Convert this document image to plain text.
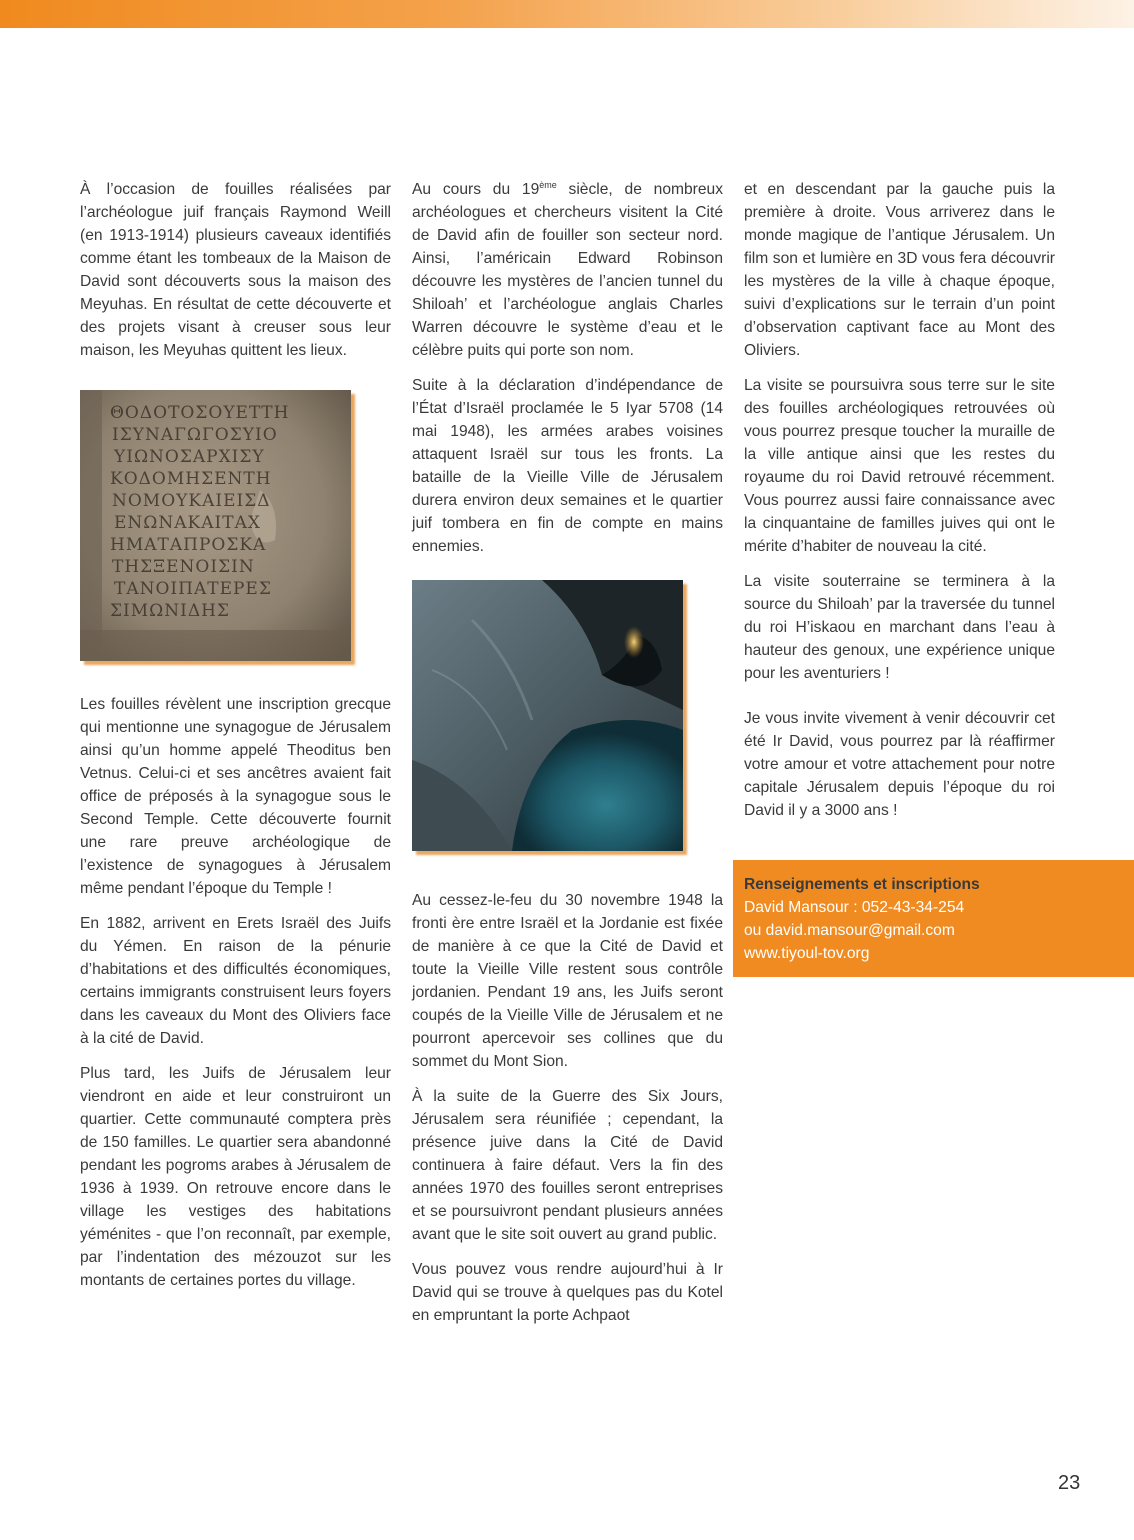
À l’occasion de fouilles réalisées par l’archéologue juif français Raymond Weill (en 1913-1914) plusieurs caveaux identifiés comme étant les tombeaux de la Maison de David sont découverts sous la maison des Meyuhas. En résultat de cette découverte et des projets visant à creuser sous leur maison, les Meyuhas quittent les lieux.

ΘΟΔΟΤΟΣΟΥΕΤΤΗ
ΙΣΥΝΑΓΩΓΟΣΥΙΟ
ΥΙΩΝΟΣΑΡΧΙΣΥ
ΚΟΔΟΜΗΣΕΝΤΗ
ΝΟΜΟΥΚΑΙΕΙΣΔ
ΕΝΩΝΑΚΑΙΤΑΧ
ΗΜΑΤΑΠΡΟΣΚΑ
ΤΗΣΞΕΝΟΙΣΙΝ
ΤΑΝΟΙΠΑΤΕΡΕΣ
ΣΙΜΩΝΙΔΗΣ

Les fouilles révèlent une inscription grecque qui mentionne une synagogue de Jérusalem ainsi qu’un homme appelé Theoditus ben Vetnus. Celui-ci et ses ancêtres avaient fait office de préposés à la synagogue sous le Second Temple. Cette découverte fournit une rare preuve archéologique de l’existence de synagogues à Jérusalem même pendant l’époque du Temple !

En 1882, arrivent en Erets Israël des Juifs du Yémen. En raison de la pénurie d’habitations et des difficultés économiques, certains immigrants construisent leurs foyers dans les caveaux du Mont des Oliviers face à la cité de David.

Plus tard, les Juifs de Jérusalem leur viendront en aide et leur construiront un quartier. Cette communauté comptera près de 150 familles. Le quartier sera abandonné pendant les pogroms arabes à Jérusalem de 1936 à 1939. On retrouve encore dans le village les vestiges des habitations yéménites - que l’on reconnaît, par exemple, par l’indentation des mézouzot sur les montants de certaines portes du village.

Au cours du 19ème siècle, de nombreux archéologues et chercheurs visitent la Cité de David afin de fouiller son secteur nord. Ainsi, l’américain Edward Robinson découvre les mystères de l’ancien tunnel du Shiloah’ et l’archéologue anglais Charles Warren découvre le système d’eau et le célèbre puits qui porte son nom.

Suite à la déclaration d’indépendance de l’État d’Israël proclamée le 5 Iyar 5708 (14 mai 1948), les armées arabes voisines attaquent Israël sur tous les fronts. La bataille de la Vieille Ville de Jérusalem durera environ deux semaines et le quartier juif tombera en fin de compte en mains ennemies.

Au cessez-le-feu du 30 novembre 1948 la fronti ère entre Israël et la Jordanie est fixée de manière à ce que la Cité de David et toute la Vieille Ville restent sous contrôle jordanien. Pendant 19 ans, les Juifs seront coupés de la Vieille Ville de Jérusalem et ne pourront apercevoir ses collines que du sommet du Mont Sion.

À la suite de la Guerre des Six Jours, Jérusalem sera réunifiée ; cependant, la présence juive dans la Cité de David continuera à faire défaut. Vers la fin des années 1970 des fouilles seront entreprises et se poursuivront pendant plusieurs années avant que le site soit ouvert au grand public.

Vous pouvez vous rendre aujourd’hui à Ir David qui se trouve à quelques pas du Kotel en empruntant la porte Achpaot

et en descendant par la gauche puis la première à droite. Vous arriverez dans le monde magique de l’antique Jérusalem. Un film son et lumière en 3D vous fera découvrir les mystères de la ville à chaque époque, suivi d’explications sur le terrain d’un point d’observation captivant face au Mont des Oliviers.

La visite se poursuivra sous terre sur le site des fouilles archéologiques retrouvées où vous pourrez presque toucher la muraille de la ville antique ainsi que les restes du royaume du roi David retrouvé récemment. Vous pourrez aussi faire connaissance avec la cinquantaine de familles juives qui ont le mérite d’habiter de nouveau la cité.

La visite souterraine se terminera à la source du Shiloah’ par la traversée du tunnel du roi H’iskaou en marchant dans l’eau à hauteur des genoux, une expérience unique pour les aventuriers !

Je vous invite vivement à venir découvrir cet été Ir David, vous pourrez par là réaffirmer votre amour et votre attachement pour notre capitale Jérusalem depuis l’époque du roi David il y a 3000 ans !

Renseignements et inscriptions
David Mansour : 052-43-34-254
ou david.mansour@gmail.com
www.tiyoul-tov.org
23
